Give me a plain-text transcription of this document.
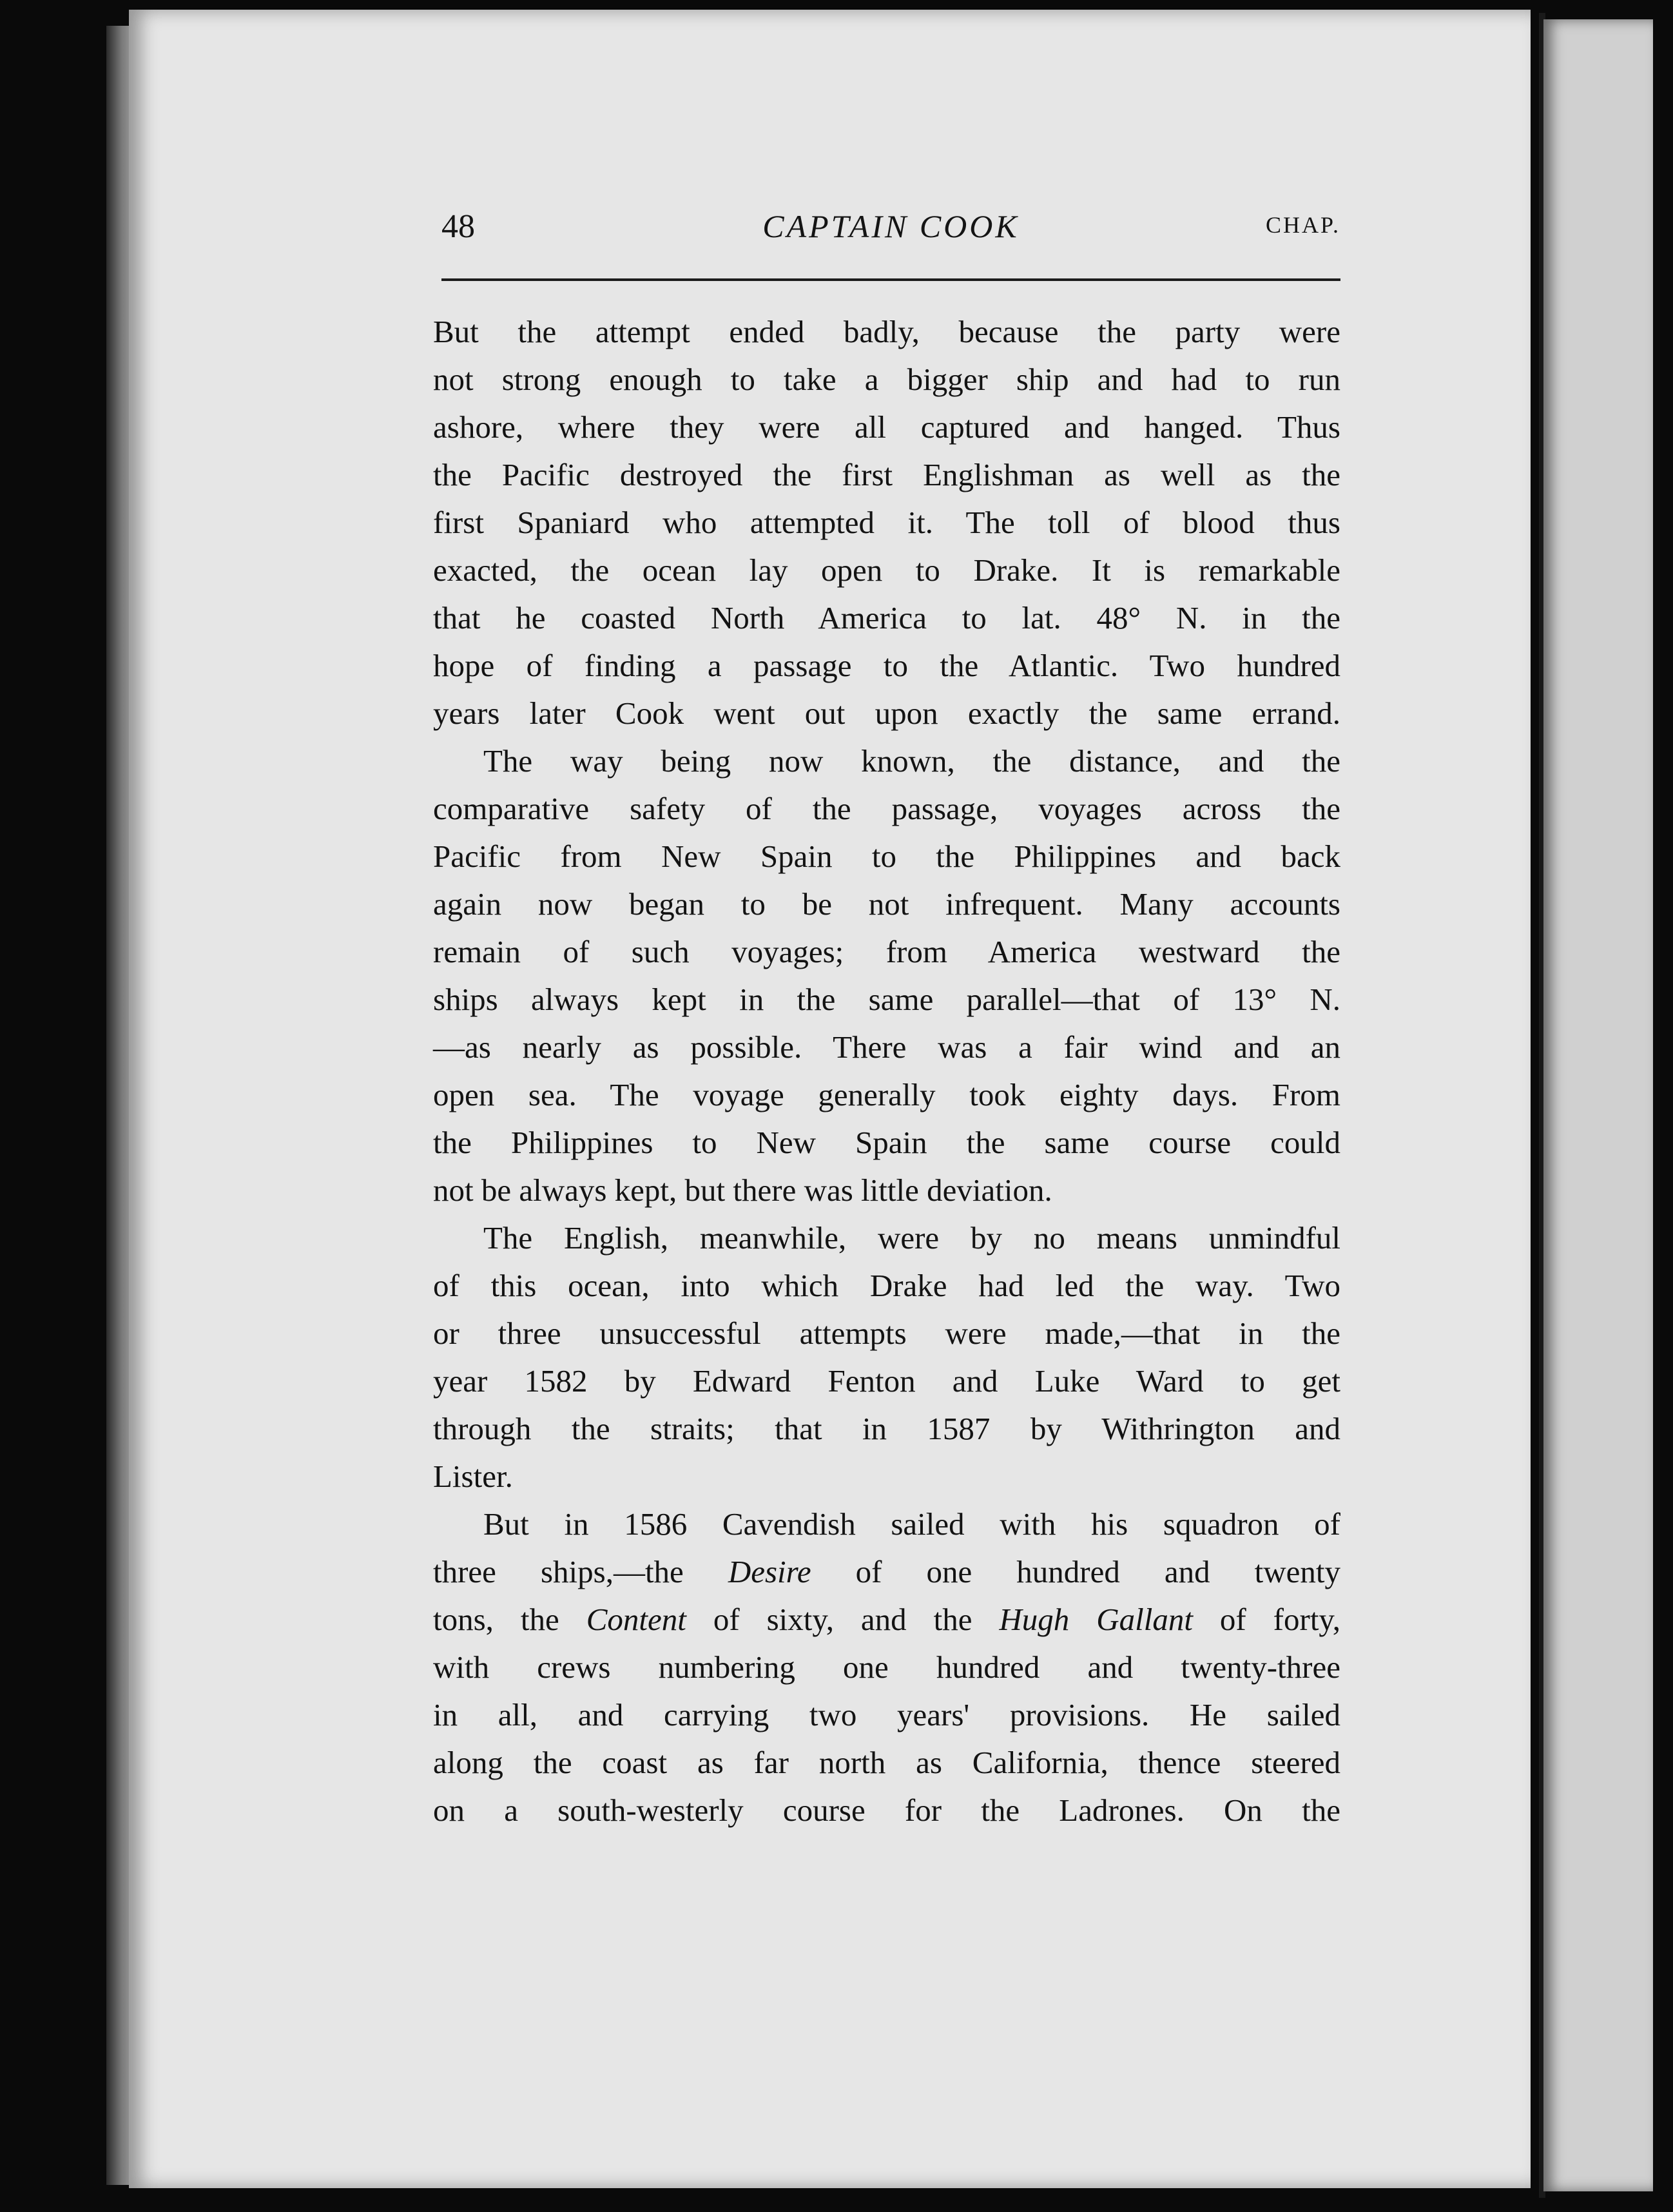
48	CAPTAIN COOK	CHAP.
But the attempt ended badly, because the party were
not strong enough to take a bigger ship and had to run
ashore, where they were all captured and hanged. Thus
the Pacific destroyed the first Englishman as well as the
first Spaniard who attempted it. The toll of blood thus
exacted, the ocean lay open to Drake. It is remarkable
that he coasted North America to lat. 48° N. in the
hope of finding a passage to the Atlantic. Two hundred
years later Cook went out upon exactly the same errand.
The way being now known, the distance, and the
comparative safety of the passage, voyages across the
Pacific from New Spain to the Philippines and back
again now began to be not infrequent. Many accounts
remain of such voyages; from America westward the
ships always kept in the same parallel—that of 13° N.
—as nearly as possible. There was a fair wind and an
open sea. The voyage generally took eighty days. From
the Philippines to New Spain the same course could
not be always kept, but there was little deviation.
The English, meanwhile, were by no means unmindful
of this ocean, into which Drake had led the way. Two
or three unsuccessful attempts were made,—that in the
year 1582 by Edward Fenton and Luke Ward to get
through the straits; that in 1587 by Withrington and
Lister.
But in 1586 Cavendish sailed with his squadron of
three ships,—the Desire of one hundred and twenty
tons, the Content of sixty, and the Hugh Gallant of forty,
with crews numbering one hundred and twenty-three
in all, and carrying two years' provisions. He sailed
along the coast as far north as California, thence steered
on a south-westerly course for the Ladrones. On the
